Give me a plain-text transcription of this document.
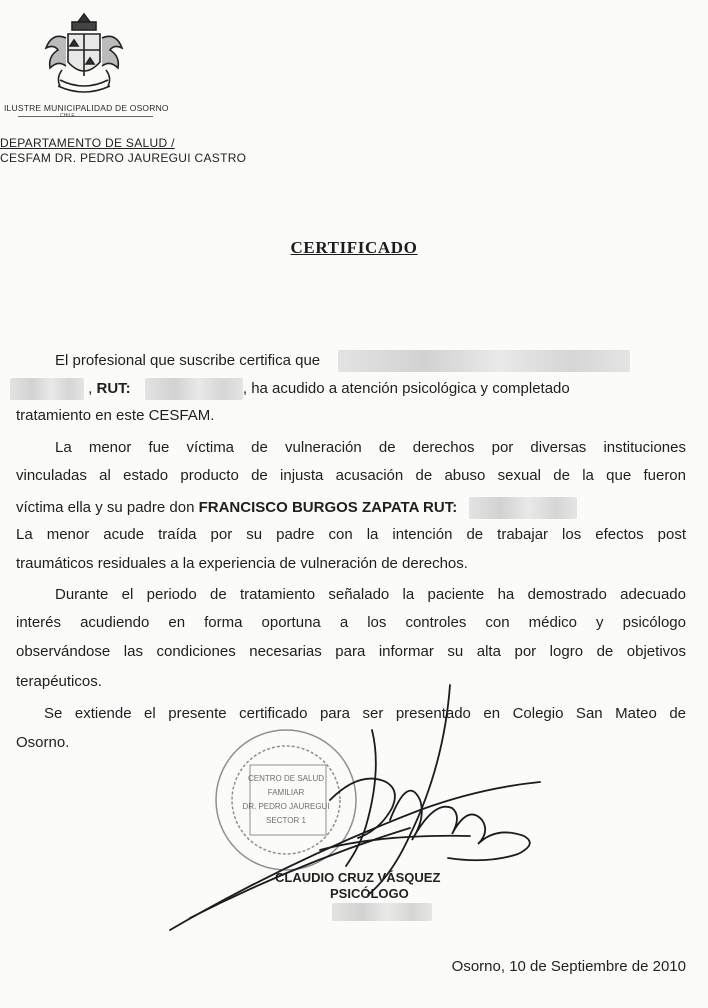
ILUSTRE MUNICIPALIDAD DE OSORNO
CHILE
DEPARTAMENTO DE SALUD /
CESFAM DR. PEDRO JAUREGUI CASTRO
CERTIFICADO
El profesional que suscribe certifica que
, RUT:	, ha acudido a atención psicológica y completado
tratamiento en este CESFAM.
La menor fue víctima de vulneración de derechos por diversas instituciones
vinculadas al estado producto de injusta acusación de abuso sexual de la que fueron
víctima ella y su padre don FRANCISCO BURGOS ZAPATA RUT:
La menor acude traída por su padre con la intención de trabajar los efectos post
traumáticos residuales a la experiencia de vulneración de derechos.
Durante el periodo de tratamiento señalado la paciente ha demostrado adecuado
interés acudiendo en forma oportuna a los controles con médico y psicólogo
observándose las condiciones necesarias para informar su alta por logro de objetivos
terapéuticos.
Se extiende el presente certificado para ser presentado en Colegio San Mateo de
Osorno.
CENTRO DE SALUD
FAMILIAR
DR. PEDRO JAUREGUI
SECTOR 1
CLAUDIO CRUZ VÁSQUEZ
PSICÓLOGO
Osorno, 10 de Septiembre de 2010
